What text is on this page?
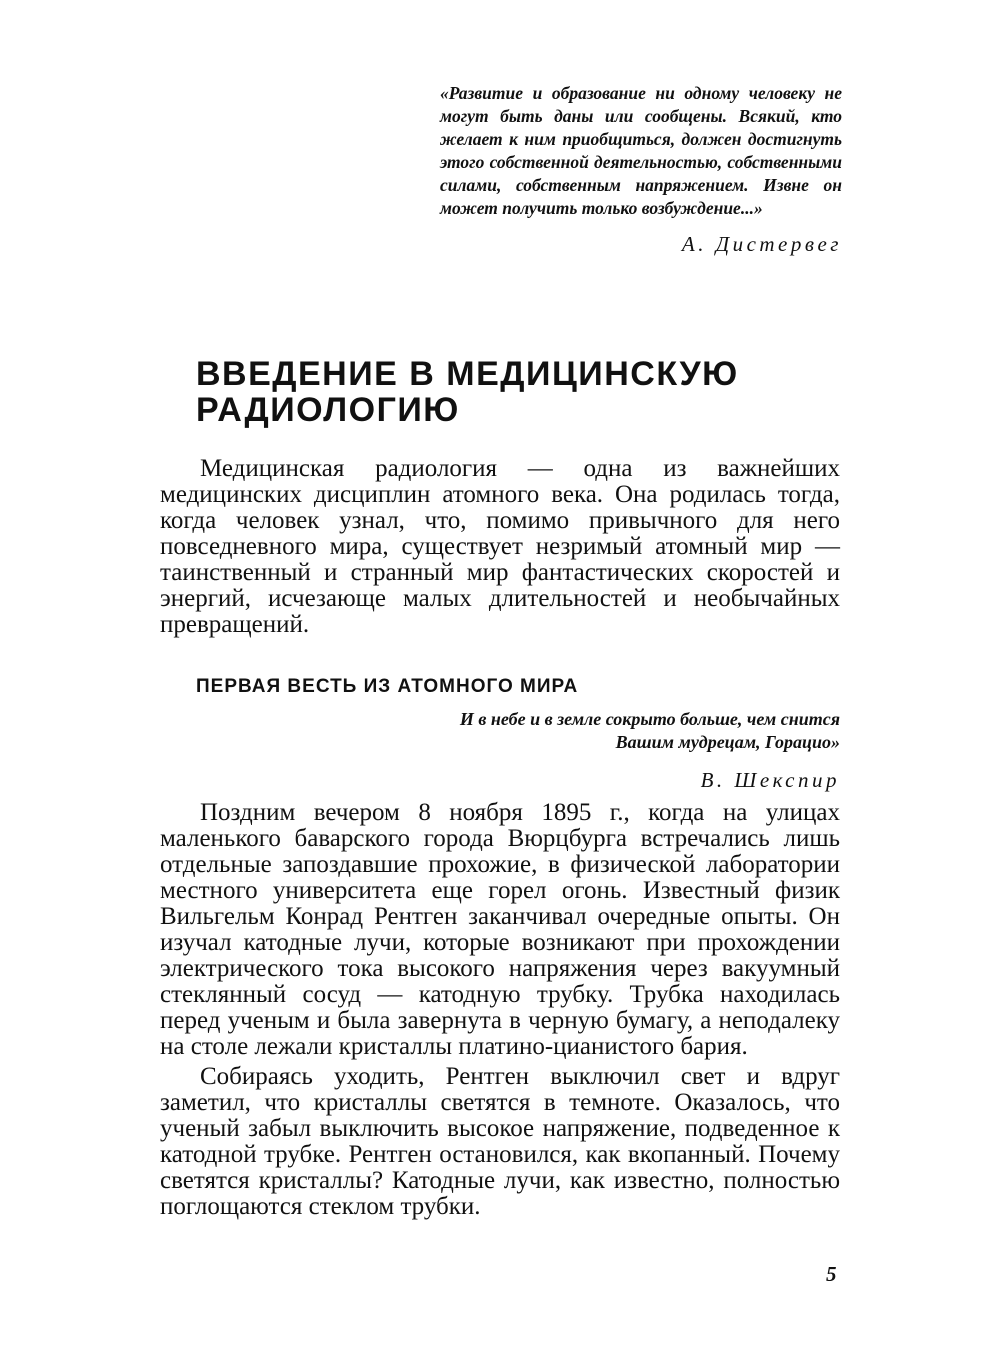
«Развитие и образование ни одному человеку не могут быть даны или сообщены. Всякий, кто желает к ним приобщиться, должен достигнуть этого собственной деятельностью, собственными силами, собственным напряжением. Извне он может получить только возбуждение...»

А. Дистервег
ВВЕДЕНИЕ В МЕДИЦИНСКУЮ РАДИОЛОГИЮ

Медицинская радиология — одна из важнейших медицинских дисциплин атомного века. Она родилась тогда, когда человек узнал, что, помимо привычного для него повседневного мира, существует незримый атомный мир — таинственный и странный мир фантастических скоростей и энергий, исчезающе малых длительностей и необычайных превращений.

ПЕРВАЯ ВЕСТЬ ИЗ АТОМНОГО МИРА

И в небе и в земле сокрыто больше, чем снится Вашим мудрецам, Горацио»

В. Шекспир

Поздним вечером 8 ноября 1895 г., когда на улицах маленького баварского города Вюрцбурга встречались лишь отдельные запоздавшие прохожие, в физической лаборатории местного университета еще горел огонь. Известный физик Вильгельм Конрад Рентген заканчивал очередные опыты. Он изучал катодные лучи, которые возникают при прохождении электрического тока высокого напряжения через вакуумный стеклянный сосуд — катодную трубку. Трубка находилась перед ученым и была завернута в черную бумагу, а неподалеку на столе лежали кристаллы платино-цианистого бария.

Собираясь уходить, Рентген выключил свет и вдруг заметил, что кристаллы светятся в темноте. Оказалось, что ученый забыл выключить высокое напряжение, подведенное к катодной трубке. Рентген остановился, как вкопанный. Почему светятся кристаллы? Катодные лучи, как известно, полностью поглощаются стеклом трубки.

5
